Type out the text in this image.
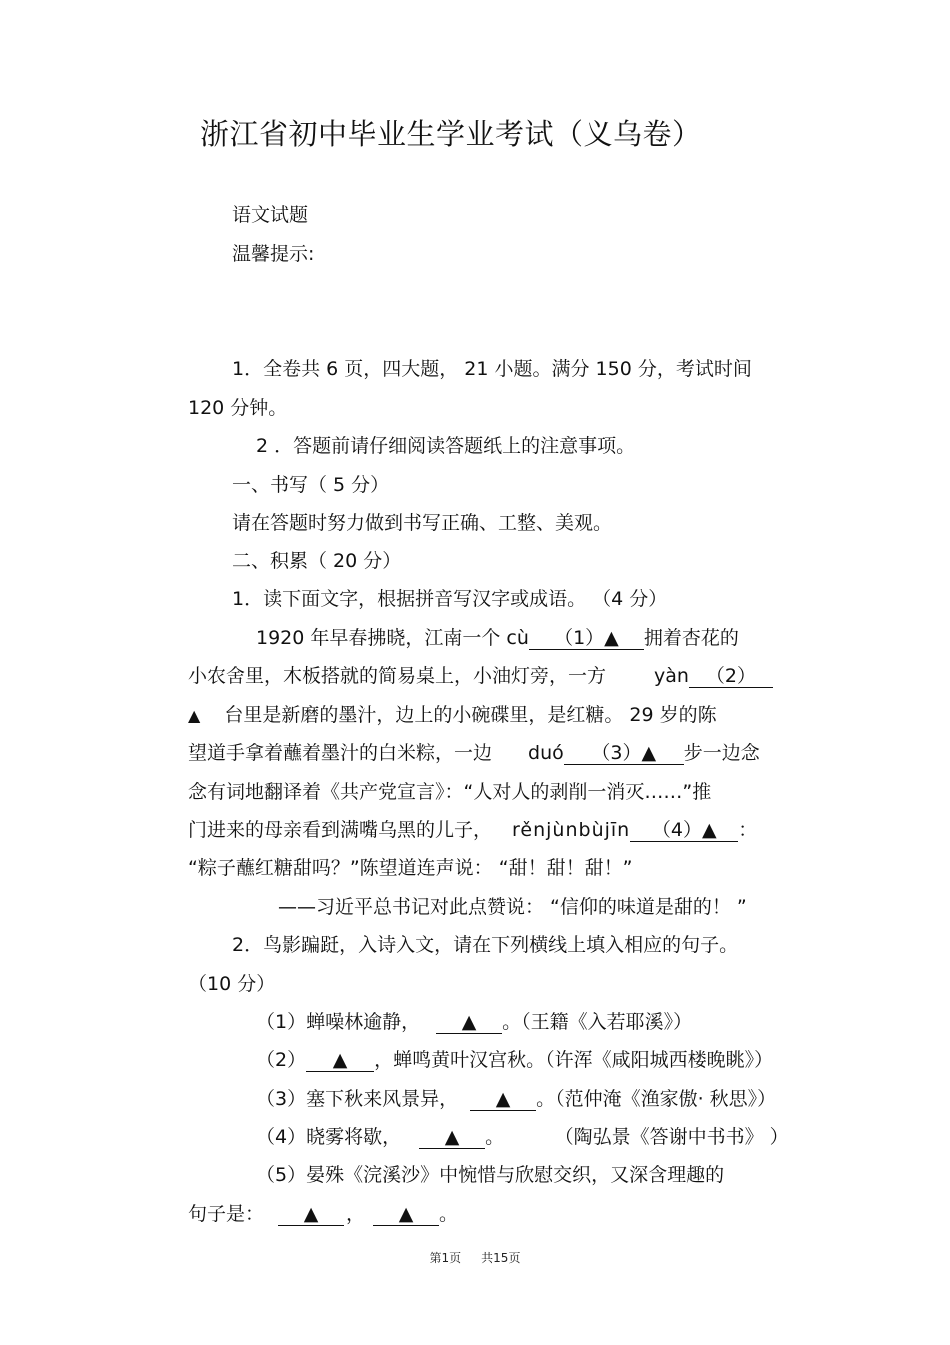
浙江省初中毕业生学业考试（义乌卷）
语文试题
温馨提示:
1．全卷共 6 页，四大题， 21 小题。满分 150 分，考试时间
120 分钟。
2 ．答题前请仔细阅读答题纸上的注意事项。
一、书写（ 5 分）
请在答题时努力做到书写正确、工整、美观。
二、积累（ 20 分）
1．读下面文字，根据拼音写汉字或成语。 （4 分）
1920 年早春拂晓，江南一个 cù （1）▲ 拥着杏花的
小农舍里，木板搭就的简易桌上，小油灯旁，一方	yàn （2）
▲ 台里是新磨的墨汁，边上的小碗碟里，是红糖。 29 岁的陈
望道手拿着蘸着墨汁的白米粽，一边 duó （3）▲ 步一边念
念有词地翻译着《共产党宣言》：“人对人的剥削一消灭……”推
门进来的母亲看到满嘴乌黑的儿子， rěnjùnbùjīn （4）▲ ：
“粽子蘸红糖甜吗？”陈望道连声说： “甜！甜！甜！”
——习近平总书记对此点赞说： “信仰的味道是甜的！ ”
2．鸟影蹁跹，入诗入文，请在下列横线上填入相应的句子。
（10 分）
（1）蝉噪林逾静， ▲ 。（王籍《入若耶溪》）
（2） ▲ ，蝉鸣黄叶汉宫秋。（许浑《咸阳城西楼晚眺》）
（3）塞下秋来风景异， ▲ 。（范仲淹《渔家傲· 秋思》）
（4）晓雾将歇， ▲ 。	（陶弘景《答谢中书书》 ）
（5）晏殊《浣溪沙》中惋惜与欣慰交织，又深含理趣的
句子是： ▲ ， ▲ 。
第1页 共15页
